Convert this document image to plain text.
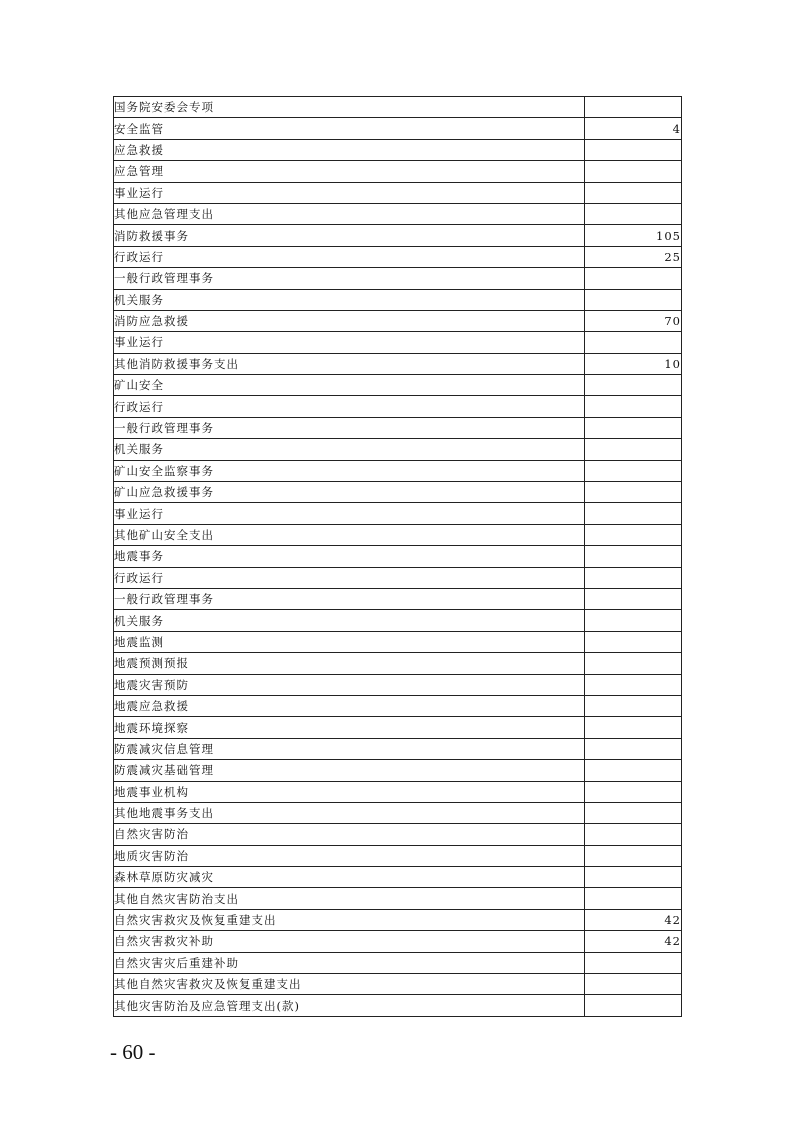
国务院安委会专项	
安全监管	4
应急救援	
应急管理	
事业运行	
其他应急管理支出	
消防救援事务	105
行政运行	25
一般行政管理事务	
机关服务	
消防应急救援	70
事业运行	
其他消防救援事务支出	10
矿山安全	
行政运行	
一般行政管理事务	
机关服务	
矿山安全监察事务	
矿山应急救援事务	
事业运行	
其他矿山安全支出	
地震事务	
行政运行	
一般行政管理事务	
机关服务	
地震监测	
地震预测预报	
地震灾害预防	
地震应急救援	
地震环境探察	
防震减灾信息管理	
防震减灾基础管理	
地震事业机构	
其他地震事务支出	
自然灾害防治	
地质灾害防治	
森林草原防灾减灾	
其他自然灾害防治支出	
自然灾害救灾及恢复重建支出	42
自然灾害救灾补助	42
自然灾害灾后重建补助	
其他自然灾害救灾及恢复重建支出	
其他灾害防治及应急管理支出(款)	
- 60 -
